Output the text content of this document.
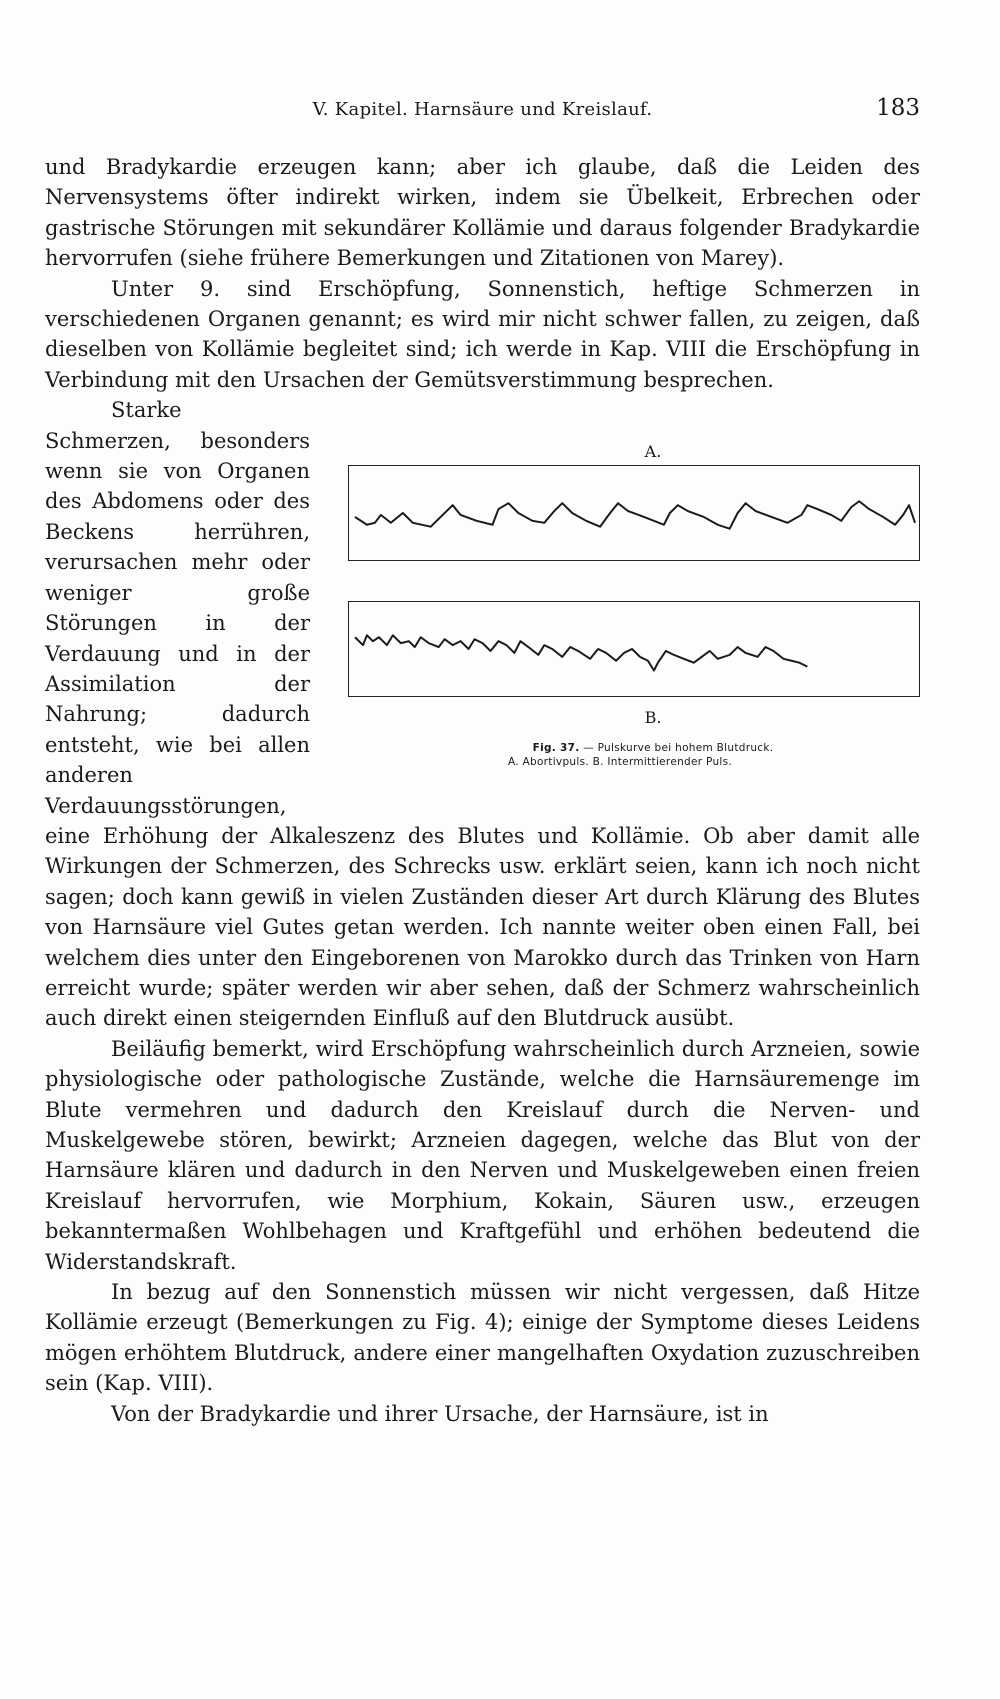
V. Kapitel. Harnsäure und Kreislauf.	183

und Bradykardie erzeugen kann; aber ich glaube, daß die Leiden des Nervensystems öfter indirekt wirken, indem sie Übelkeit, Erbrechen oder gastrische Störungen mit sekundärer Kollämie und daraus folgender Bradykardie hervorrufen (siehe frühere Bemerkungen und Zitationen von Marey).

Unter 9. sind Erschöpfung, Sonnenstich, heftige Schmerzen in verschiedenen Organen genannt; es wird mir nicht schwer fallen, zu zeigen, daß dieselben von Kollämie begleitet sind; ich werde in Kap. VIII die Erschöpfung in Verbindung mit den Ursachen der Gemütsverstimmung besprechen.

A.
B.
Fig. 37. — Pulskurve bei hohem Blutdruck.
A. Abortivpuls. B. Intermittierender Puls.
Starke Schmerzen, besonders wenn sie von Organen des Abdomens oder des Beckens herrühren, verursachen mehr oder weniger große Störungen in der Verdauung und in der Assimilation der Nahrung; dadurch entsteht, wie bei allen anderen Verdauungsstörungen, eine Erhöhung der Alkaleszenz des Blutes und Kollämie. Ob aber damit alle Wirkungen der Schmerzen, des Schrecks usw. erklärt seien, kann ich noch nicht sagen; doch kann gewiß in vielen Zuständen dieser Art durch Klärung des Blutes von Harnsäure viel Gutes getan werden. Ich nannte weiter oben einen Fall, bei welchem dies unter den Eingeborenen von Marokko durch das Trinken von Harn erreicht wurde; später werden wir aber sehen, daß der Schmerz wahrscheinlich auch direkt einen steigernden Einfluß auf den Blutdruck ausübt.

Beiläufig bemerkt, wird Erschöpfung wahrscheinlich durch Arzneien, sowie physiologische oder pathologische Zustände, welche die Harnsäuremenge im Blute vermehren und dadurch den Kreislauf durch die Nerven- und Muskelgewebe stören, bewirkt; Arzneien dagegen, welche das Blut von der Harnsäure klären und dadurch in den Nerven und Muskelgeweben einen freien Kreislauf hervorrufen, wie Morphium, Kokain, Säuren usw., erzeugen bekanntermaßen Wohlbehagen und Kraftgefühl und erhöhen bedeutend die Widerstandskraft.

In bezug auf den Sonnenstich müssen wir nicht vergessen, daß Hitze Kollämie erzeugt (Bemerkungen zu Fig. 4); einige der Symptome dieses Leidens mögen erhöhtem Blutdruck, andere einer mangelhaften Oxydation zuzuschreiben sein (Kap. VIII).

Von der Bradykardie und ihrer Ursache, der Harnsäure, ist in
